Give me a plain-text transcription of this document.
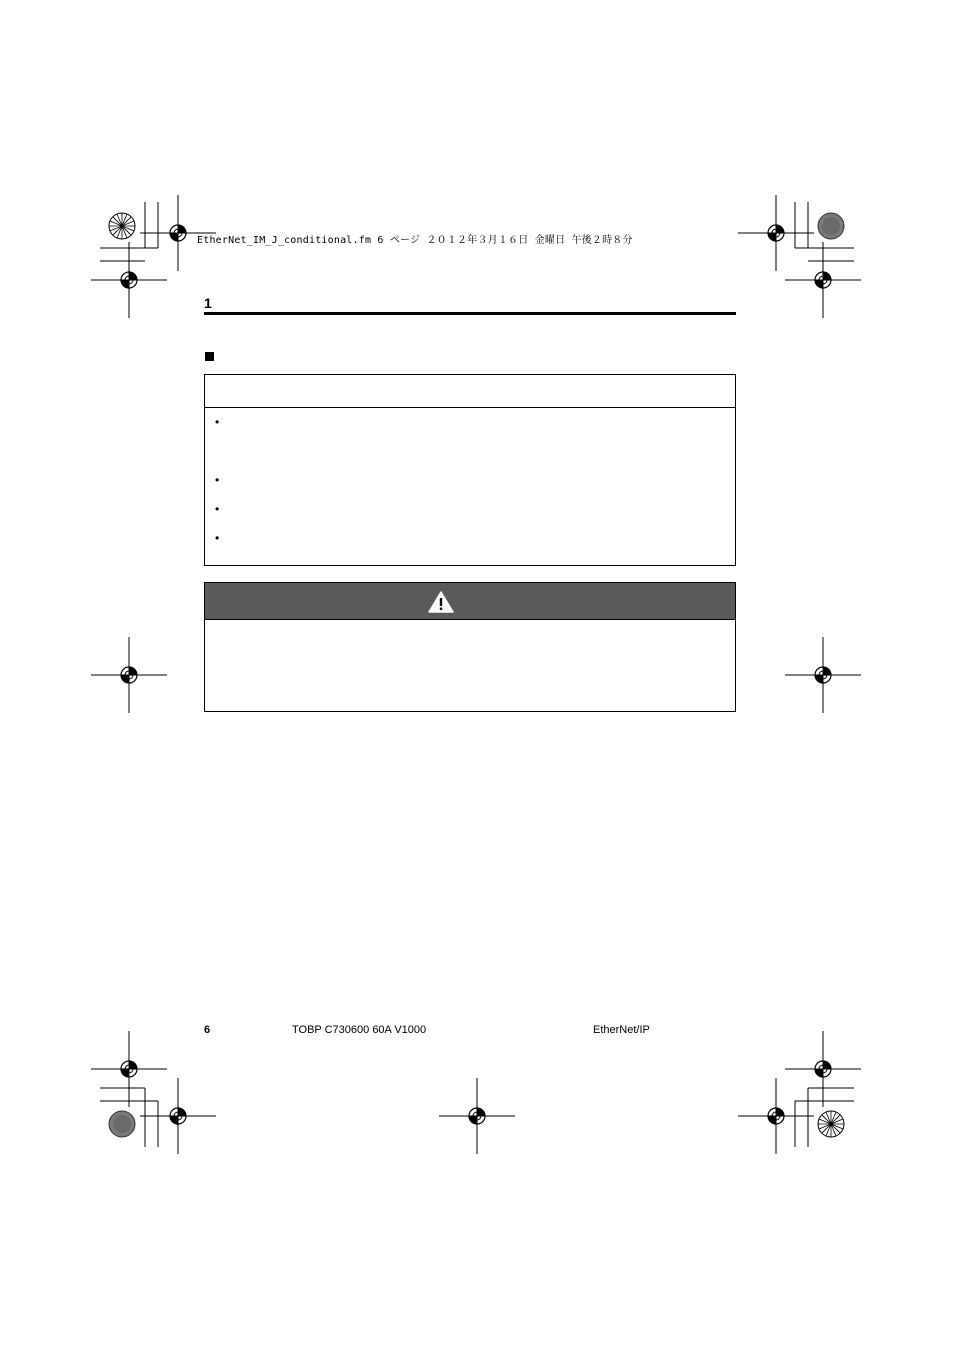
EtherNet_IM_J_conditional.fm 6 ページ ２０１２年３月１６日 金曜日 午後２時８分
1
•
•
•
•
6	TOBP C730600 60A V1000	EtherNet/IP
